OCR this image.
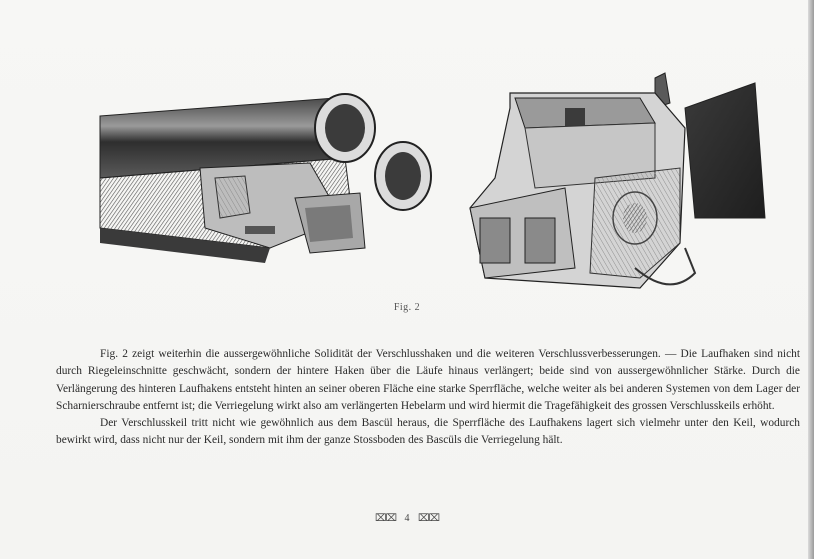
Fig. 2

Fig. 2 zeigt weiterhin die aussergewöhnliche Solidität der Verschlusshaken und die weiteren Verschlussverbesserungen. — Die Laufhaken sind nicht durch Riegeleinschnitte geschwächt, sondern der hintere Haken über die Läufe hinaus verlängert; beide sind von aussergewöhnlicher Stärke. Durch die Verlängerung des hinteren Laufhakens entsteht hinten an seiner oberen Fläche eine starke Sperrfläche, welche weiter als bei anderen Systemen von dem Lager der Scharnierschraube entfernt ist; die Verriegelung wirkt also am verlängerten Hebelarm und wird hiermit die Tragefähigkeit des grossen Verschlusskeils erhöht.

Der Verschlusskeil tritt nicht wie gewöhnlich aus dem Bascül heraus, die Sperrfläche des Laufhakens lagert sich vielmehr unter den Keil, wodurch bewirkt wird, dass nicht nur der Keil, sondern mit ihm der ganze Stossboden des Bascüls die Verriegelung hält.

⌧⌧ 4 ⌧⌧
